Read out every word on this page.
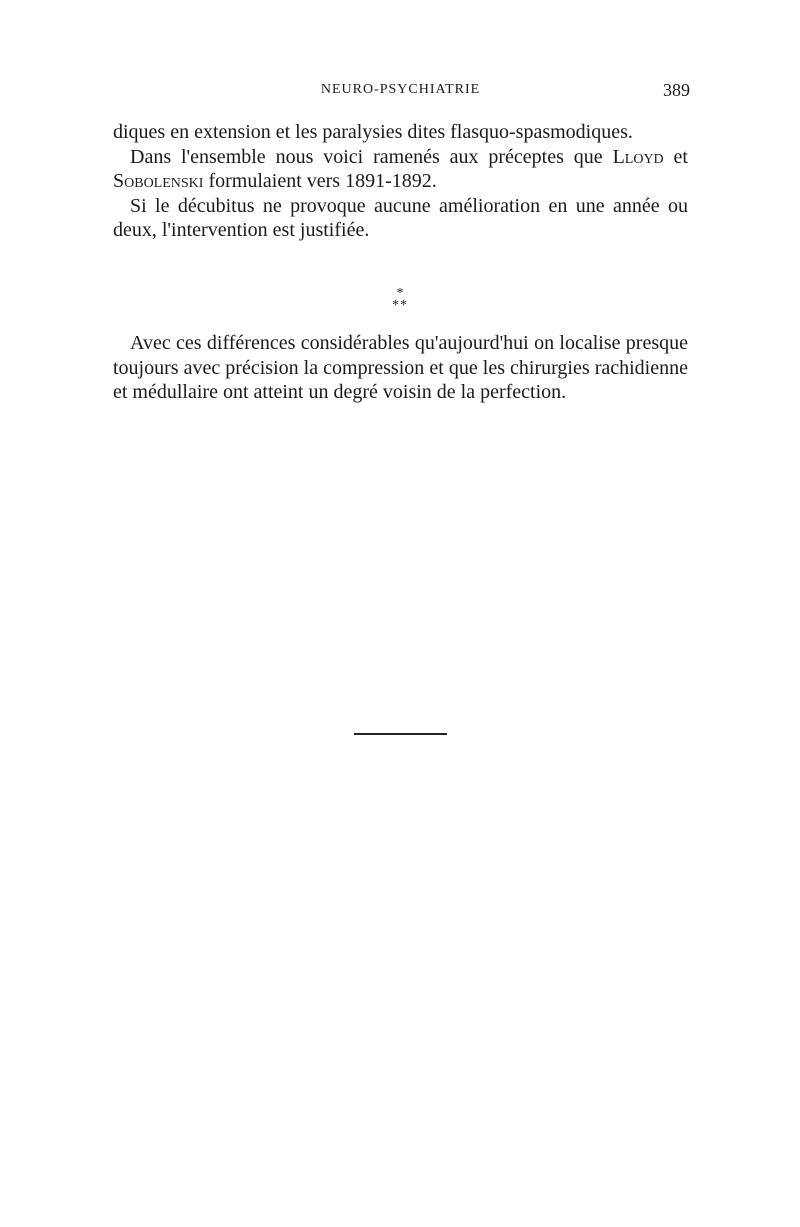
NEURO-PSYCHIATRIE	389

diques en extension et les paralysies dites flasquo-spasmodiques.

Dans l'ensemble nous voici ramenés aux préceptes que Lloyd et Sobolenski formulaient vers 1891-1892.

Si le décubitus ne provoque aucune amélioration en une année ou deux, l'intervention est justifiée.

*
**

Avec ces différences considérables qu'aujourd'hui on localise presque toujours avec précision la compression et que les chirurgies rachidienne et médullaire ont atteint un degré voisin de la perfection.
